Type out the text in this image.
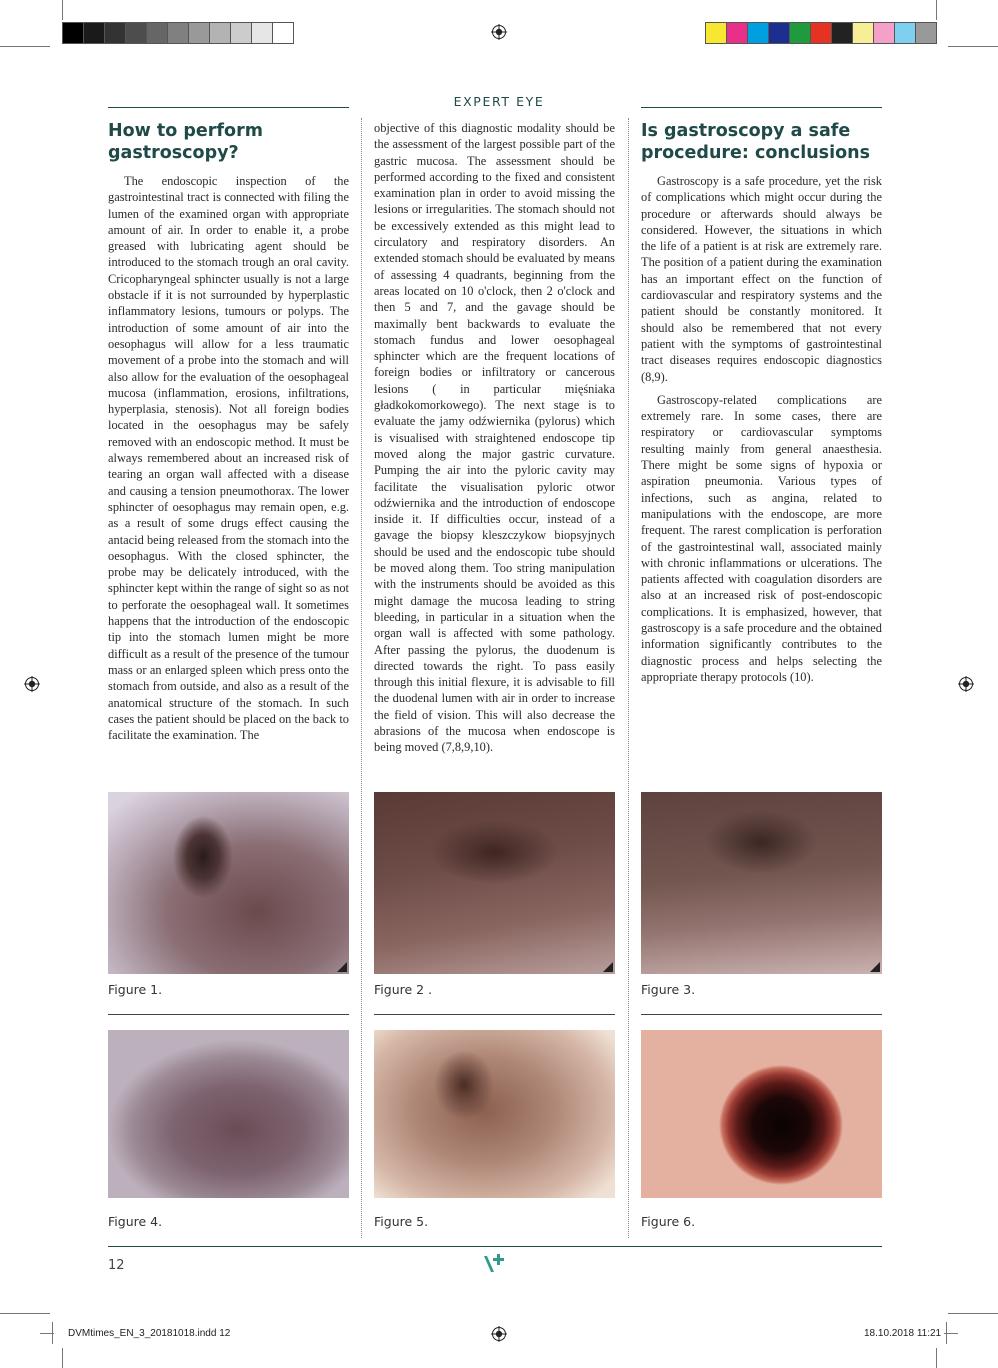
EXPERT EYE
How to perform gastroscopy?

The endoscopic inspection of the gastrointestinal tract is connected with filing the lumen of the examined organ with appropriate amount of air. In order to enable it, a probe greased with lubricating agent should be introduced to the stomach trough an oral cavity. Cricopharyngeal sphincter usually is not a large obstacle if it is not surrounded by hyperplastic inflammatory lesions, tumours or polyps. The introduction of some amount of air into the oesophagus will allow for a less traumatic movement of a probe into the stomach and will also allow for the evaluation of the oesophageal mucosa (inflammation, erosions, infiltrations, hyperplasia, stenosis). Not all foreign bodies located in the oesophagus may be safely removed with an endoscopic method. It must be always remembered about an increased risk of tearing an organ wall affected with a disease and causing a tension pneumothorax. The lower sphincter of oesophagus may remain open, e.g. as a result of some drugs effect causing the antacid being released from the stomach into the oesophagus. With the closed sphincter, the probe may be delicately introduced, with the sphincter kept within the range of sight so as not to perforate the oesophageal wall. It sometimes happens that the introduction of the endoscopic tip into the stomach lumen might be more difficult as a result of the presence of the tumour mass or an enlarged spleen which press onto the stomach from outside, and also as a result of the anatomical structure of the stomach. In such cases the patient should be placed on the back to facilitate the examination. The

objective of this diagnostic modality should be the assessment of the largest possible part of the gastric mucosa. The assessment should be performed according to the fixed and consistent examination plan in order to avoid missing the lesions or irregularities. The stomach should not be excessively extended as this might lead to circulatory and respiratory disorders. An extended stomach should be evaluated by means of assessing 4 quadrants, beginning from the areas located on 10 o'clock, then 2 o'clock and then 5 and 7, and the gavage should be maximally bent backwards to evaluate the stomach fundus and lower oesophageal sphincter which are the frequent locations of foreign bodies or infiltratory or cancerous lesions ( in particular mięśniaka gładkokomorkowego). The next stage is to evaluate the jamy odźwiernika (pylorus) which is visualised with straightened endoscope tip moved along the major gastric curvature. Pumping the air into the pyloric cavity may facilitate the visualisation pyloric otwor odźwiernika and the introduction of endoscope inside it. If difficulties occur, instead of a gavage the biopsy kleszczykow biopsyjnych should be used and the endoscopic tube should be moved along them. Too string manipulation with the instruments should be avoided as this might damage the mucosa leading to string bleeding, in particular in a situation when the organ wall is affected with some pathology. After passing the pylorus, the duodenum is directed towards the right. To pass easily through this initial flexure, it is advisable to fill the duodenal lumen with air in order to increase the field of vision. This will also decrease the abrasions of the mucosa when endoscope is being moved (7,8,9,10).

Is gastroscopy a safe procedure: conclusions

Gastroscopy is a safe procedure, yet the risk of complications which might occur during the procedure or afterwards should always be considered. However, the situations in which the life of a patient is at risk are extremely rare. The position of a patient during the examination has an important effect on the function of cardiovascular and respiratory systems and the patient should be constantly monitored. It should also be remembered that not every patient with the symptoms of gastrointestinal tract diseases requires endoscopic diagnostics (8,9).

Gastroscopy-related complications are extremely rare. In some cases, there are respiratory or cardiovascular symptoms resulting mainly from general anaesthesia. There might be some signs of hypoxia or aspiration pneumonia. Various types of infections, such as angina, related to manipulations with the endoscope, are more frequent. The rarest complication is perforation of the gastrointestinal wall, associated mainly with chronic inflammations or ulcerations. The patients affected with coagulation disorders are also at an increased risk of post-endoscopic complications. It is emphasized, however, that gastroscopy is a safe procedure and the obtained information significantly contributes to the diagnostic process and helps selecting the appropriate therapy protocols (10).

Figure 1.	Figure 2 .	Figure 3.
Figure 4.	Figure 5.	Figure 6.
12
DVMtimes_EN_3_20181018.indd 12	18.10.2018 11:21
